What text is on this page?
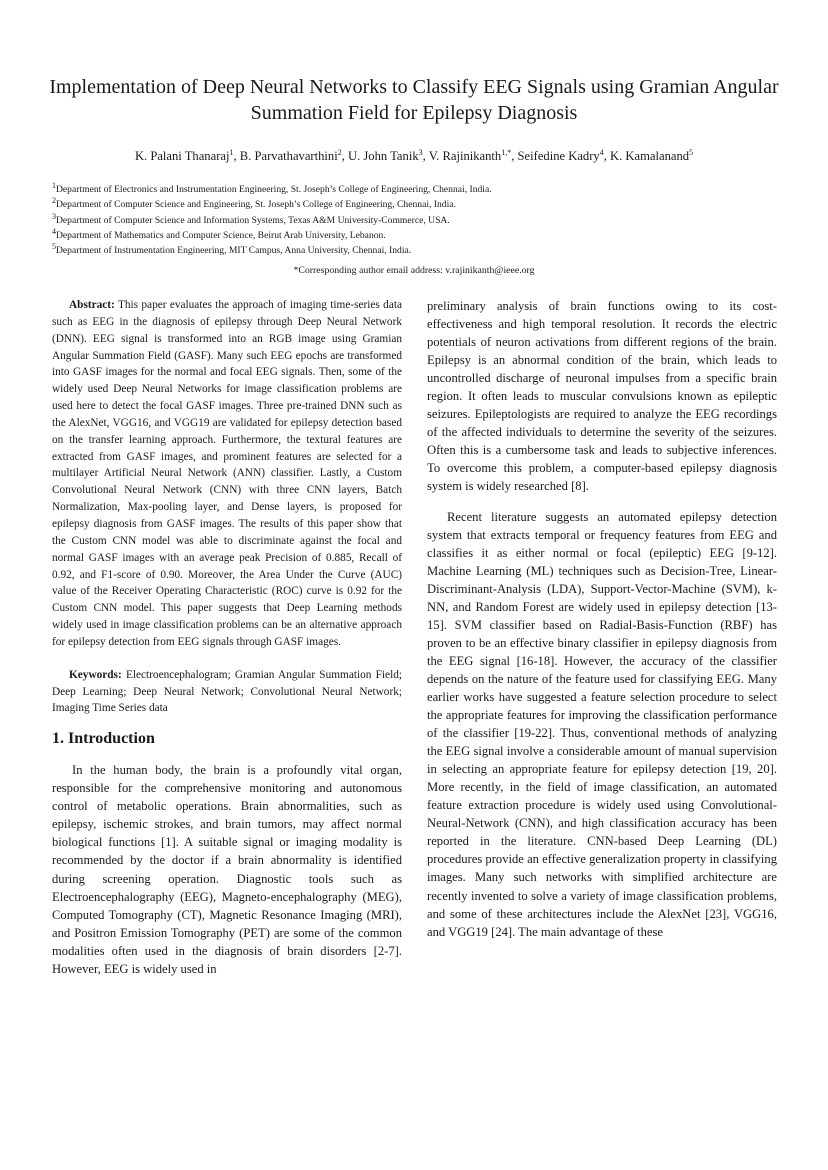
Implementation of Deep Neural Networks to Classify EEG Signals using Gramian Angular Summation Field for Epilepsy Diagnosis

K. Palani Thanaraj$^1$, B. Parvathavarthini$^2$, U. John Tanik$^3$, V. Rajinikanth$^{1,*}$, Seifedine Kadry$^4$, K. Kamalanand$^5$

$^1$Department of Electronics and Instrumentation Engineering, St. Joseph’s College of Engineering, Chennai, India.

$^2$Department of Computer Science and Engineering, St. Joseph’s College of Engineering, Chennai, India.

$^3$Department of Computer Science and Information Systems, Texas A&M University-Commerce, USA.

$^4$Department of Mathematics and Computer Science, Beirut Arab University, Lebanon.

$^5$Department of Instrumentation Engineering, MIT Campus, Anna University, Chennai, India.

*Corresponding author email address: v.rajinikanth@ieee.org

Abstract: This paper evaluates the approach of imaging time-series data such as EEG in the diagnosis of epilepsy through Deep Neural Network (DNN). EEG signal is transformed into an RGB image using Gramian Angular Summation Field (GASF). Many such EEG epochs are transformed into GASF images for the normal and focal EEG signals. Then, some of the widely used Deep Neural Networks for image classification problems are used here to detect the focal GASF images. Three pre-trained DNN such as the AlexNet, VGG16, and VGG19 are validated for epilepsy detection based on the transfer learning approach. Furthermore, the textural features are extracted from GASF images, and prominent features are selected for a multilayer Artificial Neural Network (ANN) classifier. Lastly, a Custom Convolutional Neural Network (CNN) with three CNN layers, Batch Normalization, Max-pooling layer, and Dense layers, is proposed for epilepsy diagnosis from GASF images. The results of this paper show that the Custom CNN model was able to discriminate against the focal and normal GASF images with an average peak Precision of 0.885, Recall of 0.92, and F1-score of 0.90. Moreover, the Area Under the Curve (AUC) value of the Receiver Operating Characteristic (ROC) curve is 0.92 for the Custom CNN model. This paper suggests that Deep Learning methods widely used in image classification problems can be an alternative approach for epilepsy detection from EEG signals through GASF images.

Keywords: Electroencephalogram; Gramian Angular Summation Field; Deep Learning; Deep Neural Network; Convolutional Neural Network; Imaging Time Series data

1. Introduction

In the human body, the brain is a profoundly vital organ, responsible for the comprehensive monitoring and autonomous control of metabolic operations. Brain abnormalities, such as epilepsy, ischemic strokes, and brain tumors, may affect normal biological functions [1]. A suitable signal or imaging modality is recommended by the doctor if a brain abnormality is identified during screening operation. Diagnostic tools such as Electroencephalography (EEG), Magneto-encephalography (MEG), Computed Tomography (CT), Magnetic Resonance Imaging (MRI), and Positron Emission Tomography (PET) are some of the common modalities often used in the diagnosis of brain disorders [2-7]. However, EEG is widely used in

preliminary analysis of brain functions owing to its cost-effectiveness and high temporal resolution. It records the electric potentials of neuron activations from different regions of the brain. Epilepsy is an abnormal condition of the brain, which leads to uncontrolled discharge of neuronal impulses from a specific brain region. It often leads to muscular convulsions known as epileptic seizures. Epileptologists are required to analyze the EEG recordings of the affected individuals to determine the severity of the seizures. Often this is a cumbersome task and leads to subjective inferences. To overcome this problem, a computer-based epilepsy diagnosis system is widely researched [8].

Recent literature suggests an automated epilepsy detection system that extracts temporal or frequency features from EEG and classifies it as either normal or focal (epileptic) EEG [9-12]. Machine Learning (ML) techniques such as Decision-Tree, Linear-Discriminant-Analysis (LDA), Support-Vector-Machine (SVM), k-NN, and Random Forest are widely used in epilepsy detection [13-15]. SVM classifier based on Radial-Basis-Function (RBF) has proven to be an effective binary classifier in epilepsy diagnosis from the EEG signal [16-18]. However, the accuracy of the classifier depends on the nature of the feature used for classifying EEG. Many earlier works have suggested a feature selection procedure to select the appropriate features for improving the classification performance of the classifier [19-22]. Thus, conventional methods of analyzing the EEG signal involve a considerable amount of manual supervision in selecting an appropriate feature for epilepsy detection [19, 20]. More recently, in the field of image classification, an automated feature extraction procedure is widely used using Convolutional-Neural-Network (CNN), and high classification accuracy has been reported in the literature. CNN-based Deep Learning (DL) procedures provide an effective generalization property in classifying images. Many such networks with simplified architecture are recently invented to solve a variety of image classification problems, and some of these architectures include the AlexNet [23], VGG16, and VGG19 [24]. The main advantage of these
